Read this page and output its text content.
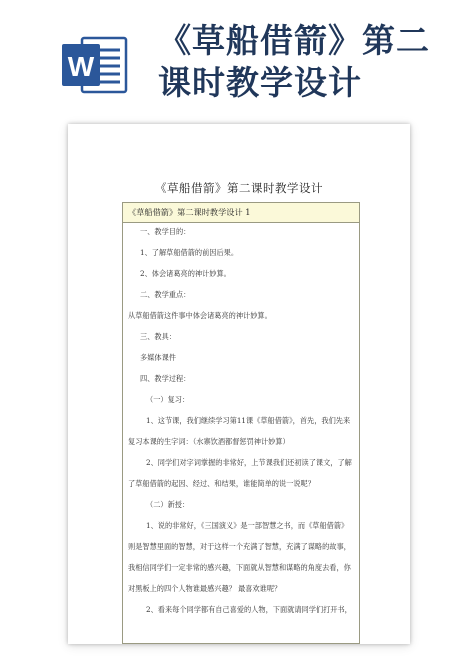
W
《草船借箭》第二
课时教学设计
《草船借箭》第二课时教学设计
《草船借箭》第二课时教学设计 1
一、教学目的：
1、了解草船借箭的前因后果。
2、体会诸葛亮的神计妙算。
二、教学重点：
从草船借箭这件事中体会诸葛亮的神计妙算。
三、教具：
多媒体课件
四、教学过程：
（一）复习：
1、这节课，我们继续学习第11课《草船借箭》，首先，我们先来
复习本课的生字词：（水寨饮酒都督惩罚神计妙算）
2、同学们对字词掌握的非常好，上节课我们还初读了课文，了解
了草船借箭的起因、经过、和结果，谁能简单的说一说呢？
（二）新授：
1、说的非常好，《三国演义》是一部智慧之书，而《草船借箭》
则是智慧里面的智慧，对于这样一个充满了智慧，充满了谋略的故事，
我相信同学们一定非常的感兴趣，下面就从智慧和谋略的角度去看，你
对黑板上的四个人物谁最感兴趣？ 最喜欢谁呢？
2、看来每个同学都有自己喜爱的人物，下面就请同学们打开书，
